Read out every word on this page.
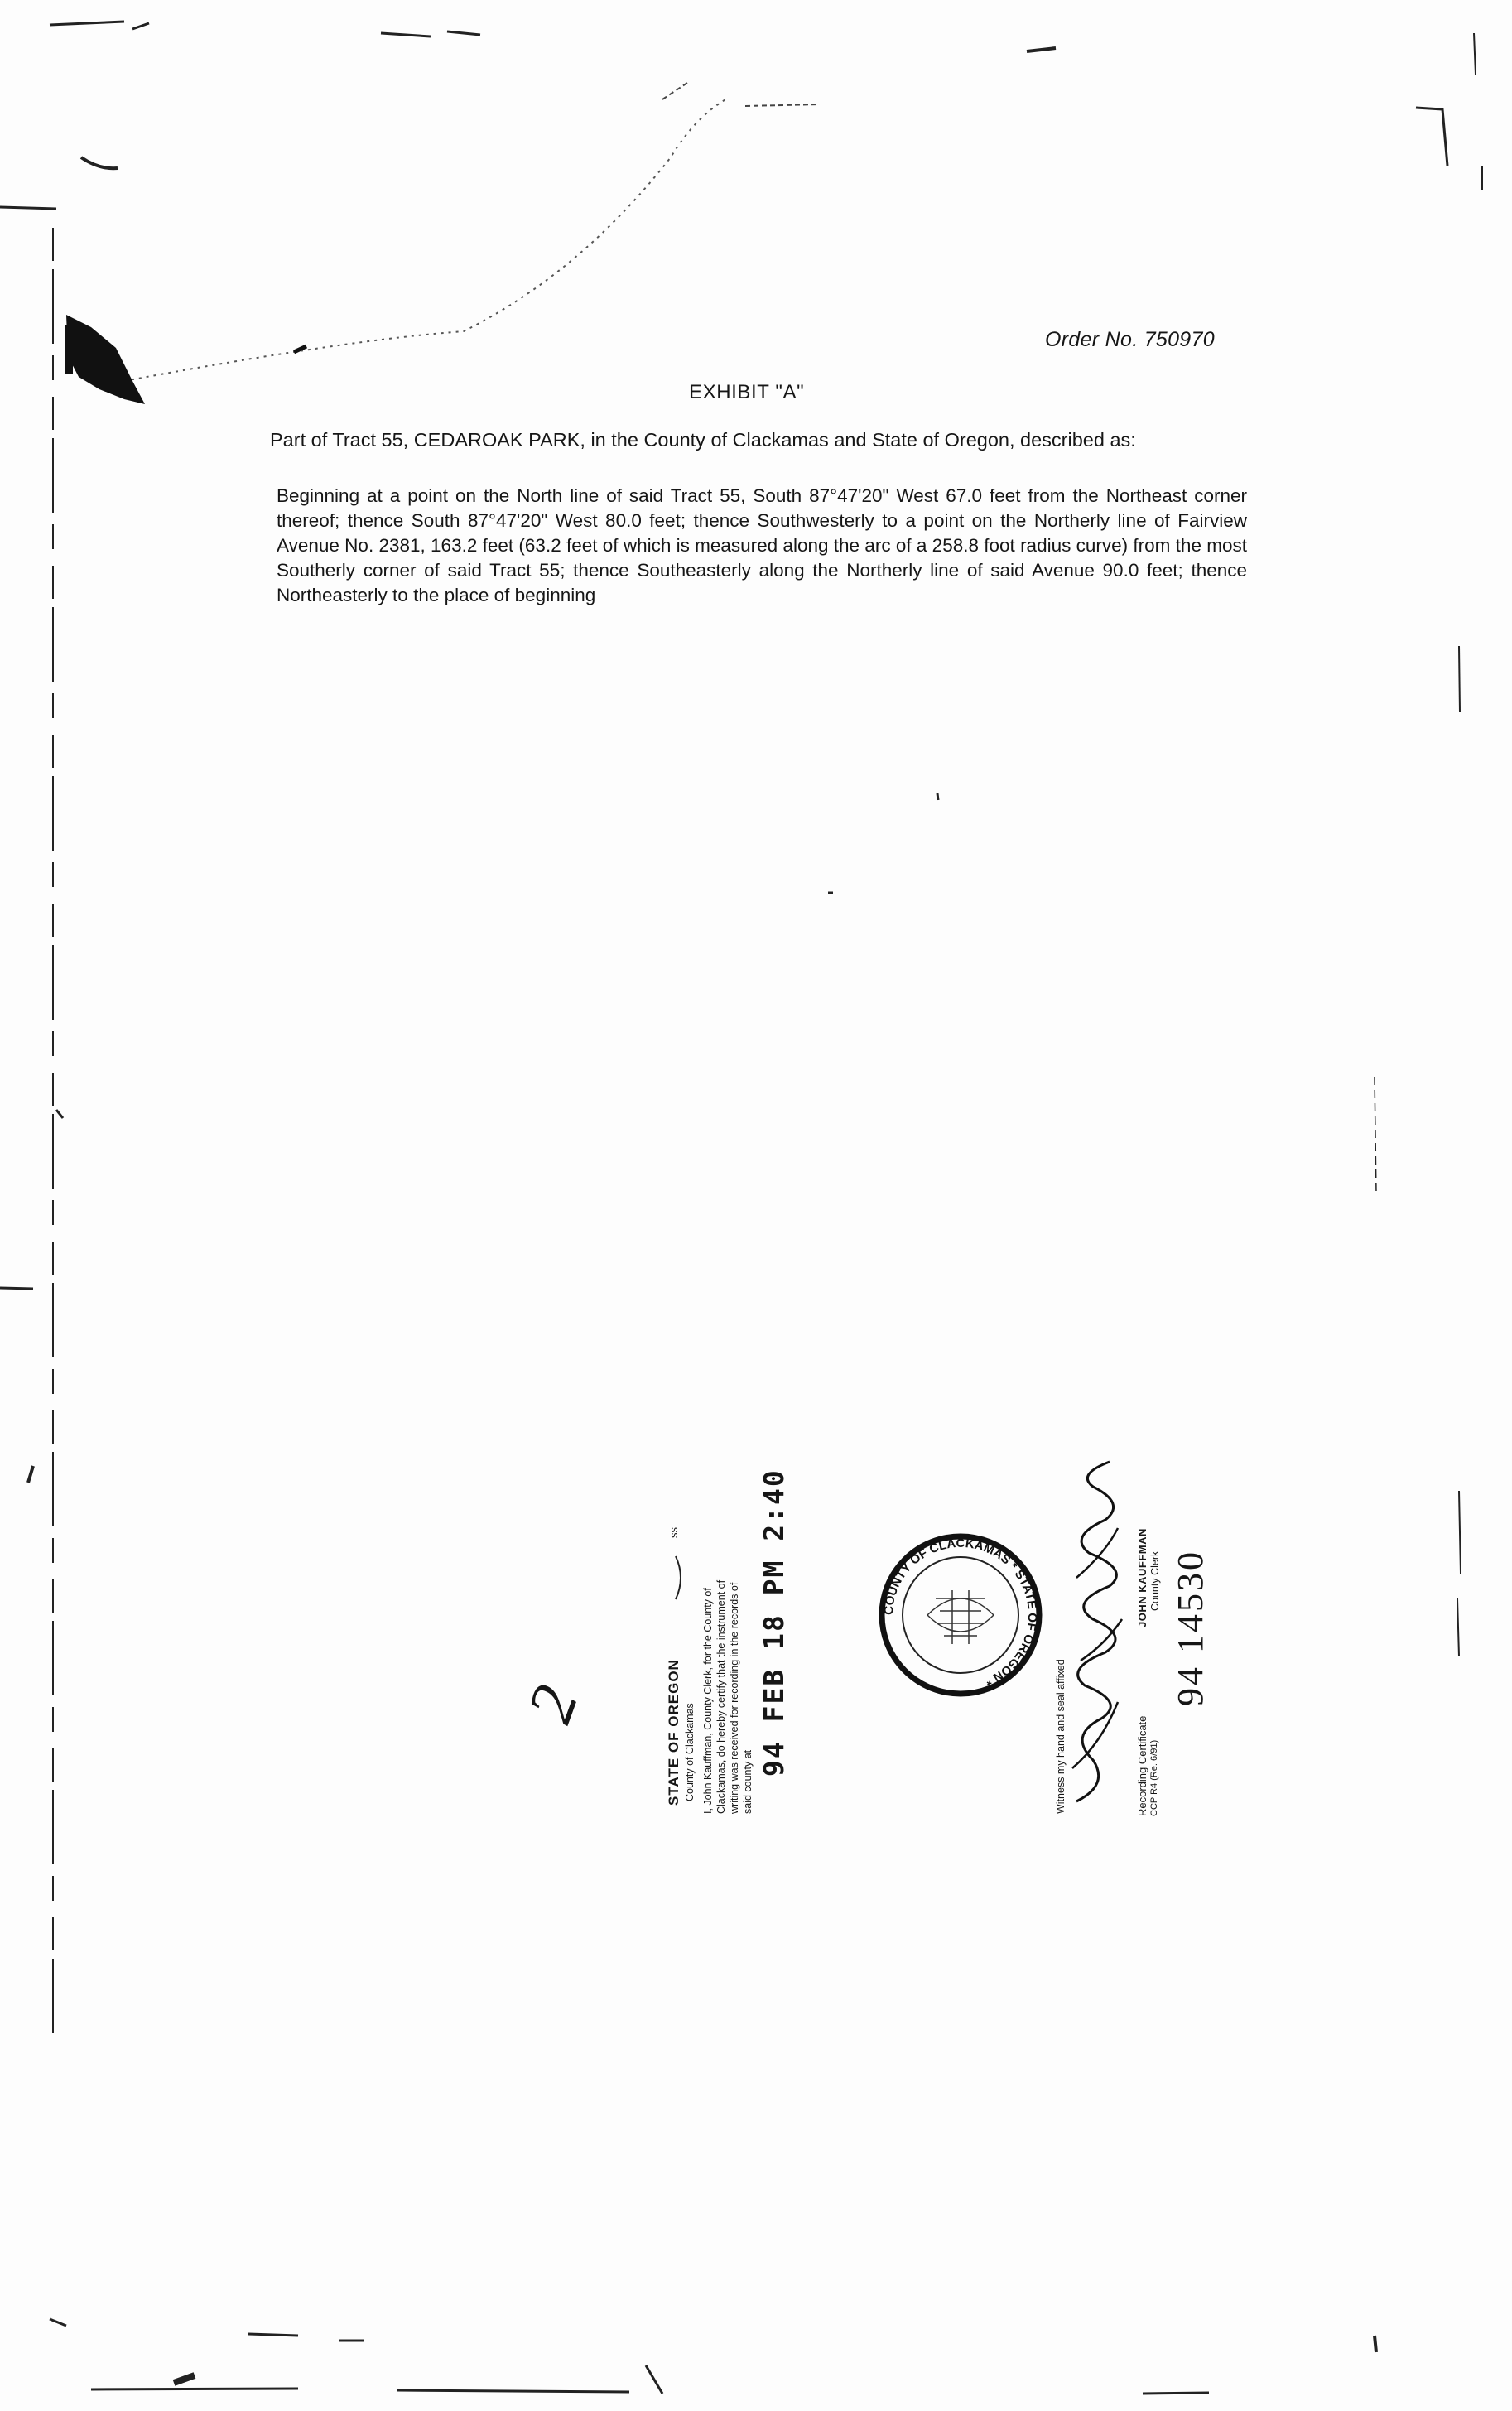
Order No. 750970
EXHIBIT "A"
Part of Tract 55, CEDAROAK PARK, in the County of Clackamas and State of Oregon, described as:
Beginning at a point on the North line of said Tract 55, South 87°47'20" West 67.0 feet from the Northeast corner thereof; thence South 87°47'20" West 80.0 feet; thence Southwesterly to a point on the Northerly line of Fairview Avenue No. 2381, 163.2 feet (63.2 feet of which is measured along the arc of a 258.8 foot radius curve) from the most Southerly corner of said Tract 55; thence Southeasterly along the Northerly line of said Avenue 90.0 feet; thence Northeasterly to the place of beginning
2	STATE OF OREGON County of Clackamas
ss
I, John Kauffman, County Clerk, for the County of Clackamas, do hereby certify that the instrument of writing was received for recording in the records of said county at
94 FEB 18 PM 2:40	COUNTY OF CLACKAMAS * STATE OF OREGON *	Witness my hand and seal affixed
JOHN KAUFFMAN County Clerk
Recording Certificate CCP R4 (Re. 6/91)
94 14530
